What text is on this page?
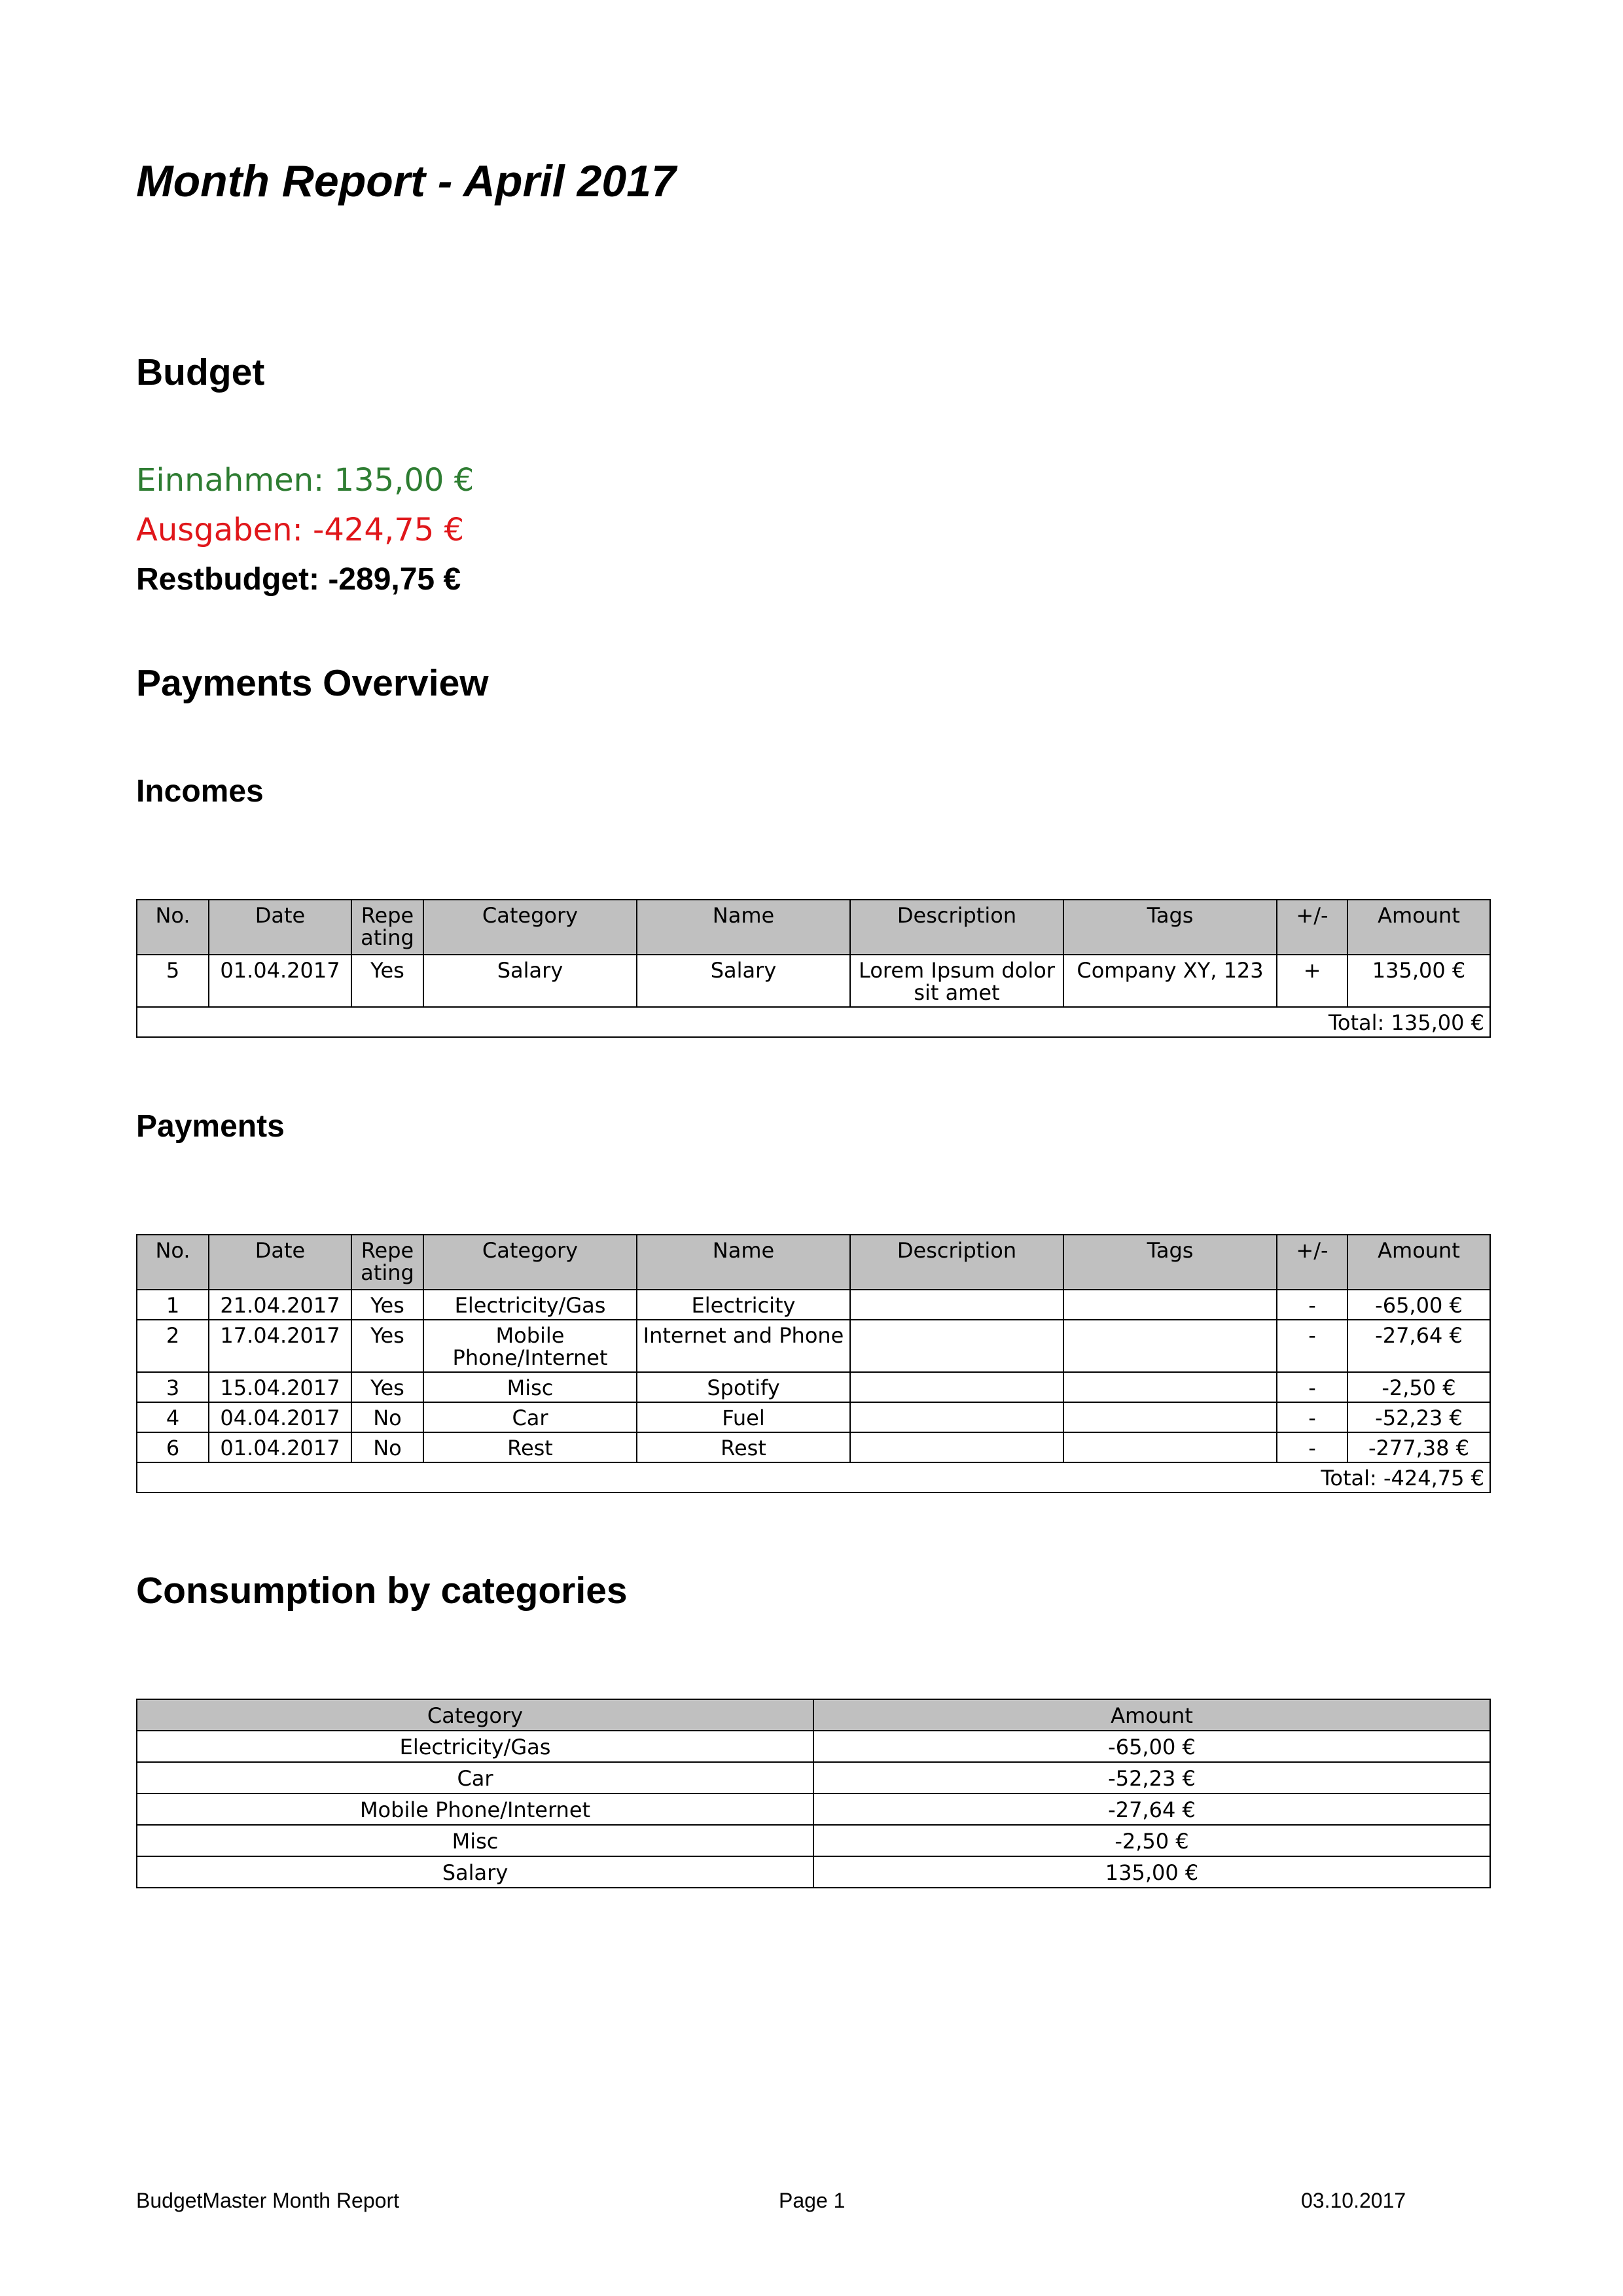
Month Report - April 2017
Budget

Einnahmen: 135,00 €

Ausgaben: -424,75 €

Restbudget: -289,75 €

Payments Overview
Incomes
No.	Date	Repe ating	Category	Name	Description	Tags	+/-	Amount
5	01.04.2017	Yes	Salary	Salary	Lorem Ipsum dolor sit amet	Company XY, 123	+	135,00 €
Total: 135,00 €								
Payments
No.	Date	Repe ating	Category	Name	Description	Tags	+/-	Amount
1	21.04.2017	Yes	Electricity/Gas	Electricity			-	-65,00 €
2	17.04.2017	Yes	Mobile Phone/Internet	Internet and Phone			-	-27,64 €
3	15.04.2017	Yes	Misc	Spotify			-	-2,50 €
4	04.04.2017	No	Car	Fuel			-	-52,23 €
6	01.04.2017	No	Rest	Rest			-	-277,38 €
Total: -424,75 €								
Consumption by categories
Category	Amount
Electricity/Gas	-65,00 €
Car	-52,23 €
Mobile Phone/Internet	-27,64 €
Misc	-2,50 €
Salary	135,00 €
BudgetMaster Month Report	Page 1	03.10.2017
